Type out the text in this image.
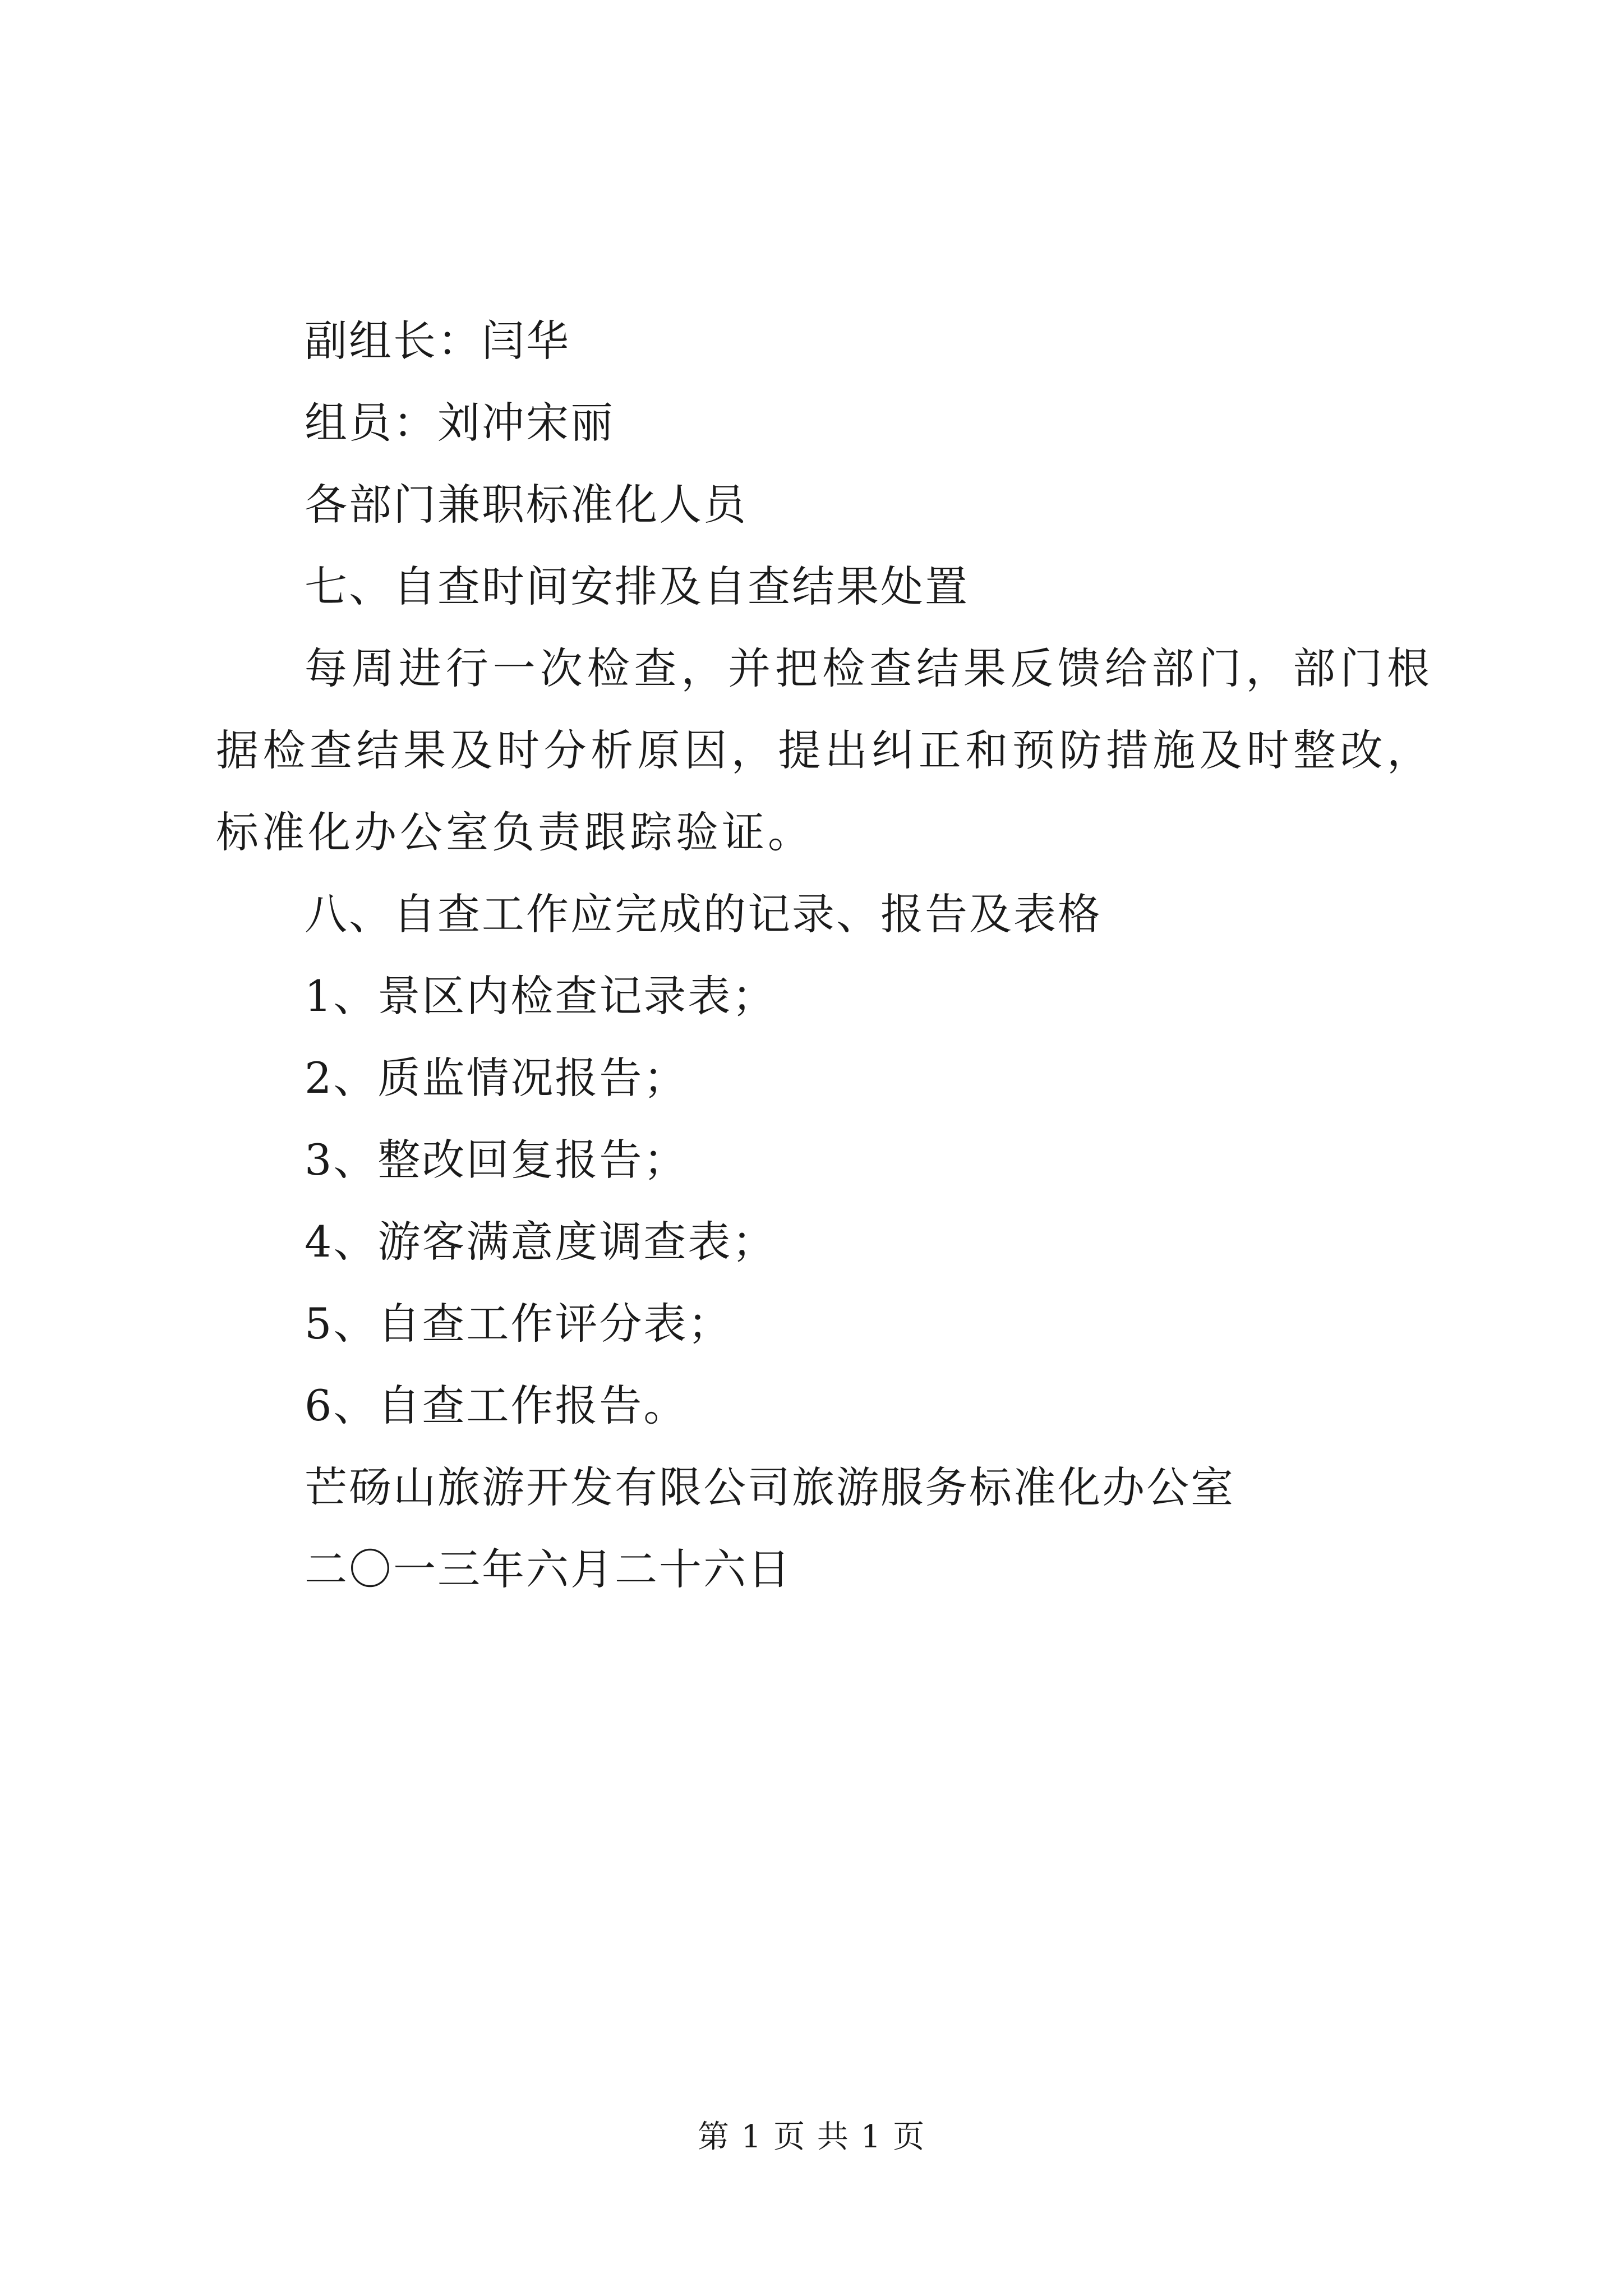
副组长：闫华
组员：刘冲宋丽
各部门兼职标准化人员
七、自查时间安排及自查结果处置
每周进行一次检查，并把检查结果反馈给部门，部门根据检查结果及时分析原因，提出纠正和预防措施及时整改，标准化办公室负责跟踪验证。
八、自查工作应完成的记录、报告及表格
1、景区内检查记录表；
2、质监情况报告；
3、整改回复报告；
4、游客满意度调查表；
5、自查工作评分表；
6、自查工作报告。
芒砀山旅游开发有限公司旅游服务标准化办公室
二〇一三年六月二十六日
第 1 页 共 1 页
